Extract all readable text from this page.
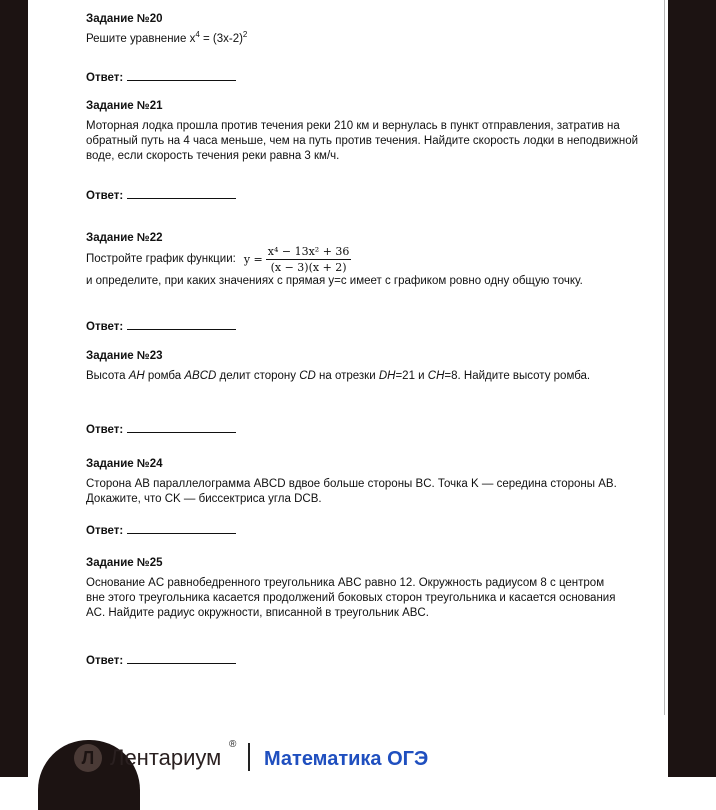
Задание №20

Решите уравнение $x^4 = (3x-2)^2$

Ответ:

Задание №21

Моторная лодка прошла против течения реки 210 км и вернулась в пункт отправления, затратив на обратный путь на 4 часа меньше, чем на путь против течения. Найдите скорость лодки в неподвижной воде, если скорость течения реки равна 3 км/ч.

Ответ:

Задание №22

Постройте график функции: $y = \frac{\text{x⁴ − 13x² + 36}}{(x - 3)(x + 2)}$

и определите, при каких значениях с прямая y=c имеет с графиком ровно одну общую точку.

Ответ:

Задание №23

Высота AH ромба ABCD делит сторону CD на отрезки DH=21 и CH=8. Найдите высоту ромба.

Ответ:

Задание №24

Сторона AB параллелограмма ABCD вдвое больше стороны BC. Точка K — середина стороны AB. Докажите, что CK — биссектриса угла DCB.

Ответ:

Задание №25

Основание AC равнобедренного треугольника ABC равно 12. Окружность радиусом 8 с центром вне этого треугольника касается продолжений боковых сторон треугольника и касается основания AC. Найдите радиус окружности, вписанной в треугольник ABC.

Ответ:
Л Лентариум
®
Математика ОГЭ
